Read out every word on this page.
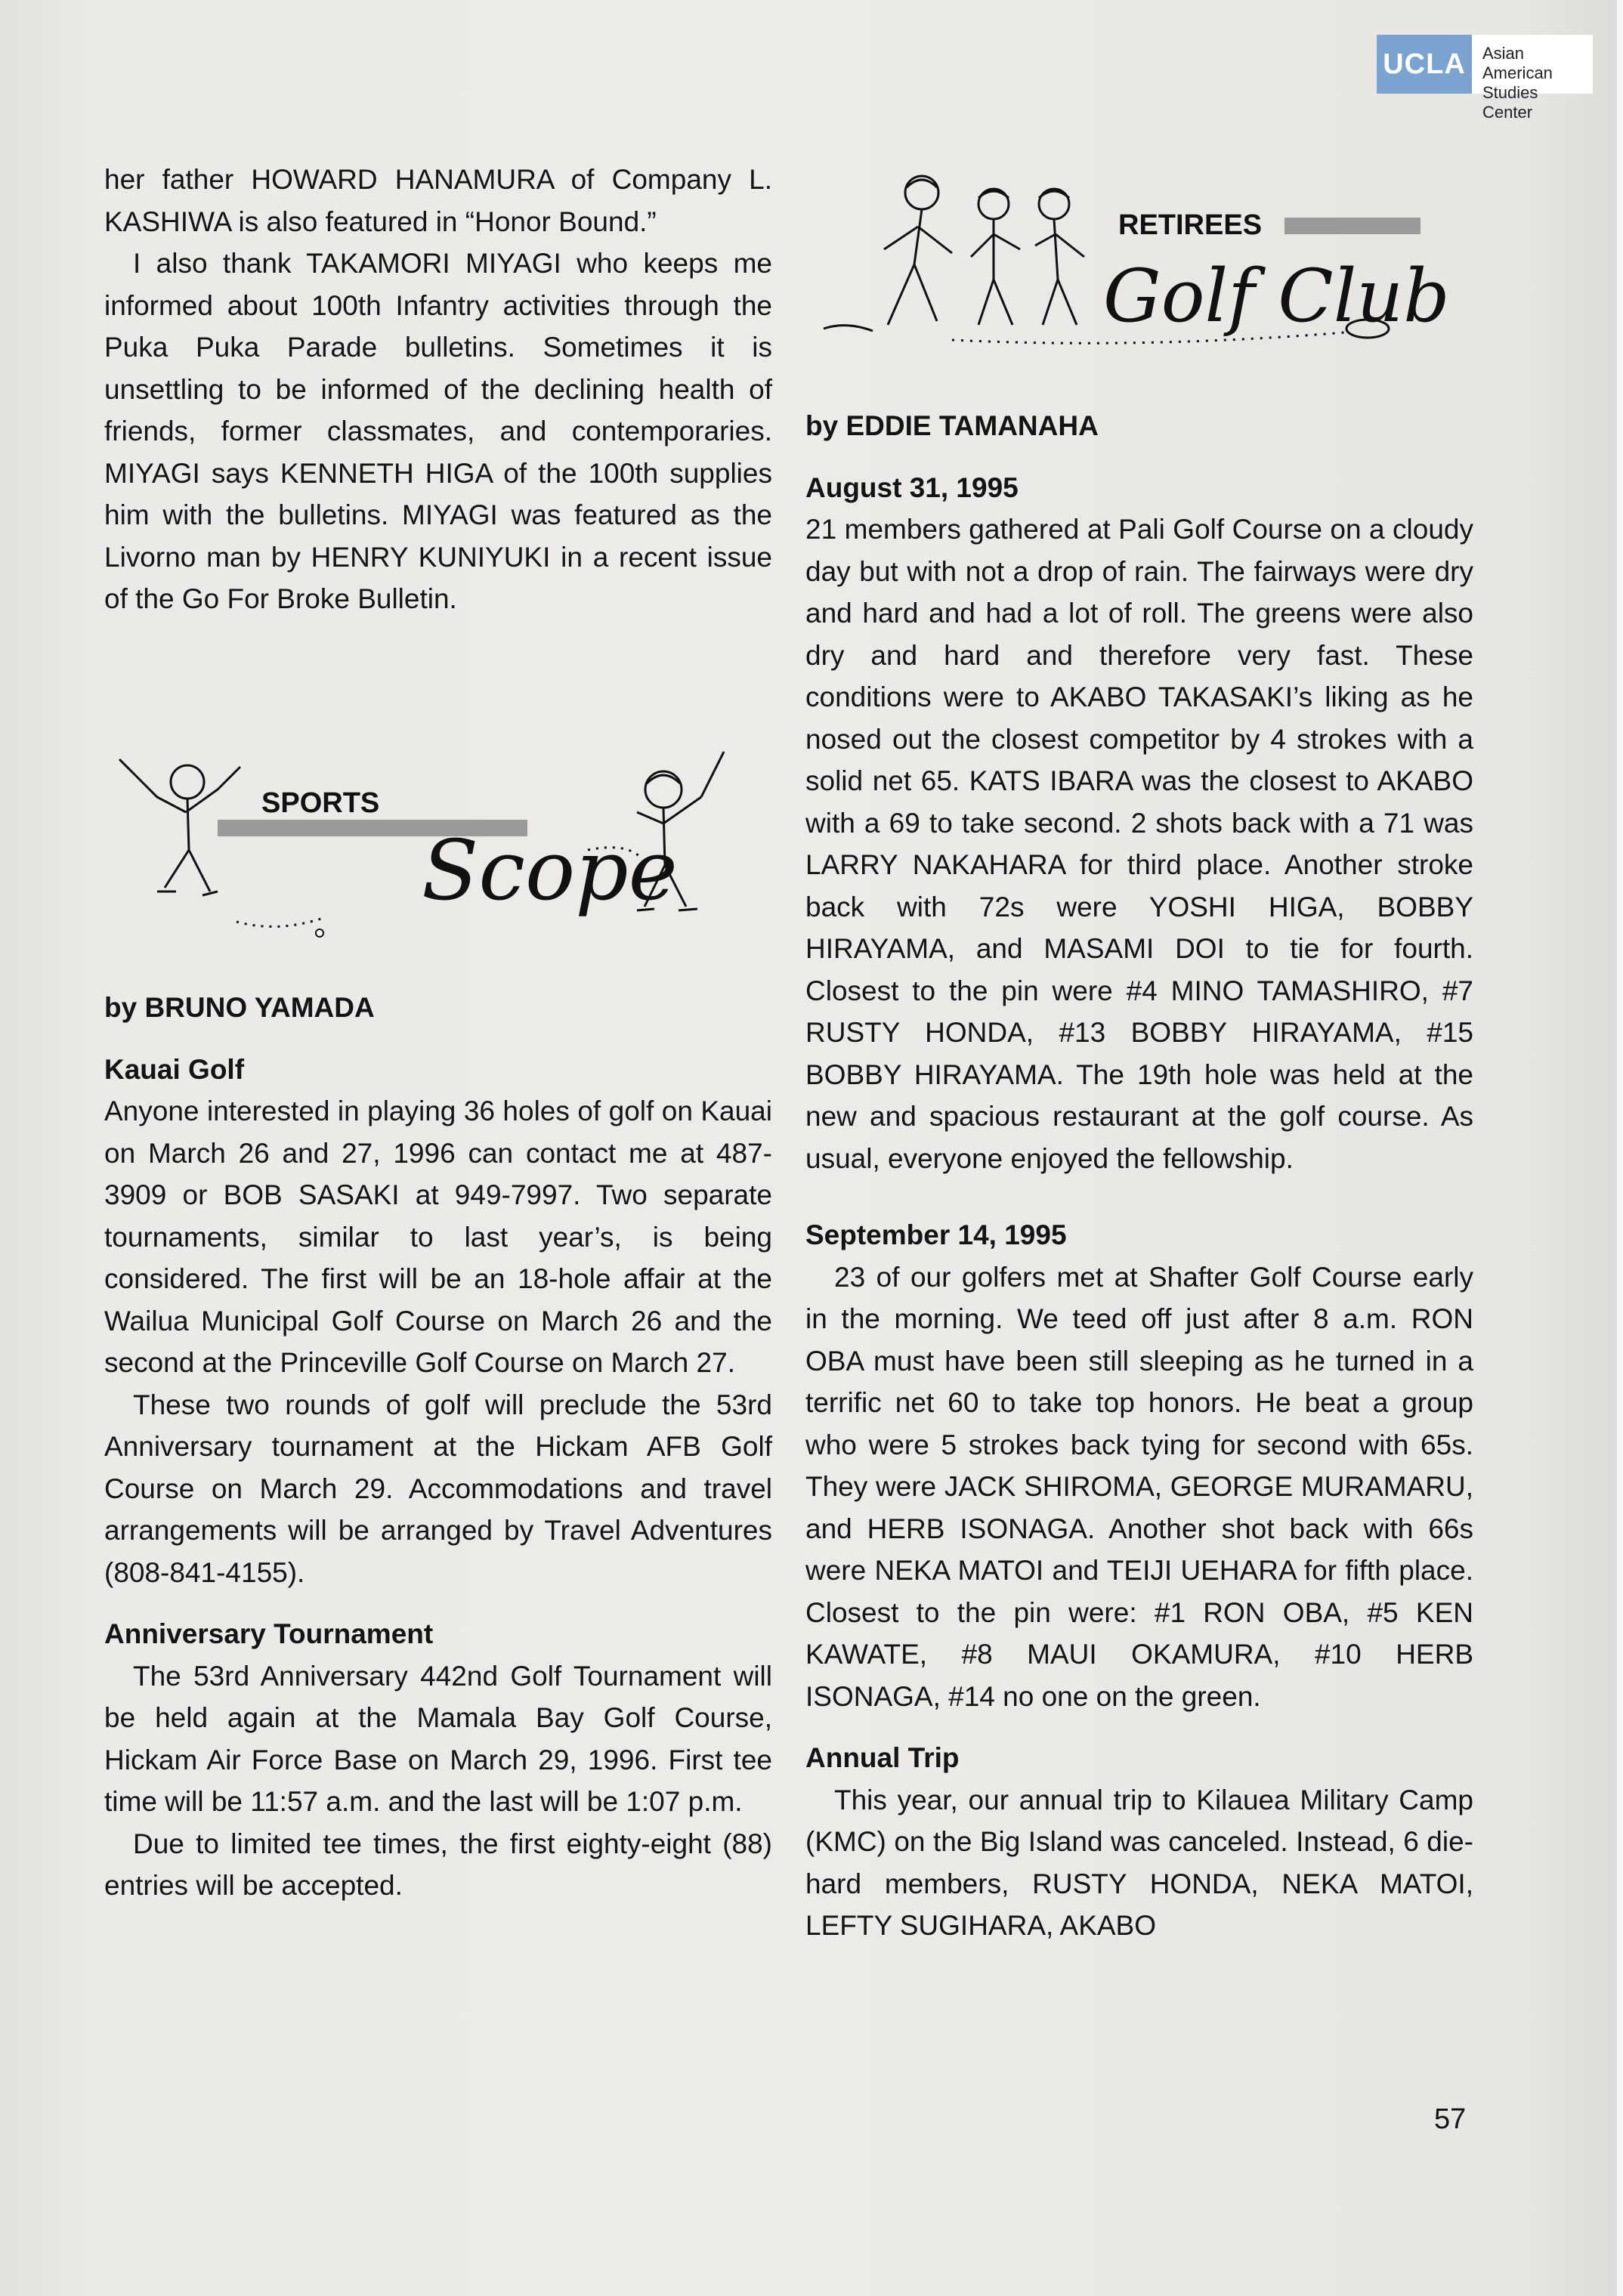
UCLA	Asian American
Studies Center

her father HOWARD HANAMURA of Company L. KASHIWA is also featured in “Honor Bound.”

I also thank TAKAMORI MIYAGI who keeps me informed about 100th Infantry activities through the Puka Puka Parade bulletins. Sometimes it is unsettling to be informed of the declining health of friends, former classmates, and contemporaries. MIYAGI says KENNETH HIGA of the 100th supplies him with the bulletins. MIYAGI was featured as the Livorno man by HENRY KUNIYUKI in a recent issue of the Go For Broke Bulletin.

SPORTS
Scope

by BRUNO YAMADA

Kauai Golf

Anyone interested in playing 36 holes of golf on Kauai on March 26 and 27, 1996 can contact me at 487-3909 or BOB SASAKI at 949-7997. Two separate tournaments, similar to last year’s, is being considered. The first will be an 18-hole affair at the Wailua Municipal Golf Course on March 26 and the second at the Princeville Golf Course on March 27.

These two rounds of golf will preclude the 53rd Anniversary tournament at the Hickam AFB Golf Course on March 29. Accommodations and travel arrangements will be arranged by Travel Adventures (808-841-4155).

Anniversary Tournament

The 53rd Anniversary 442nd Golf Tournament will be held again at the Mamala Bay Golf Course, Hickam Air Force Base on March 29, 1996. First tee time will be 11:57 a.m. and the last will be 1:07 p.m.

Due to limited tee times, the first eighty-eight (88) entries will be accepted.

RETIREES
Golf Club

by EDDIE TAMANAHA

August 31, 1995

21 members gathered at Pali Golf Course on a cloudy day but with not a drop of rain. The fairways were dry and hard and had a lot of roll. The greens were also dry and hard and therefore very fast. These conditions were to AKABO TAKASAKI’s liking as he nosed out the closest competitor by 4 strokes with a solid net 65. KATS IBARA was the closest to AKABO with a 69 to take second. 2 shots back with a 71 was LARRY NAKAHARA for third place. Another stroke back with 72s were YOSHI HIGA, BOBBY HIRAYAMA, and MASAMI DOI to tie for fourth. Closest to the pin were #4 MINO TAMASHIRO, #7 RUSTY HONDA, #13 BOBBY HIRAYAMA, #15 BOBBY HIRAYAMA. The 19th hole was held at the new and spacious restaurant at the golf course. As usual, everyone enjoyed the fellowship.

September 14, 1995

23 of our golfers met at Shafter Golf Course early in the morning. We teed off just after 8 a.m. RON OBA must have been still sleeping as he turned in a terrific net 60 to take top honors. He beat a group who were 5 strokes back tying for second with 65s. They were JACK SHIROMA, GEORGE MURAMARU, and HERB ISONAGA. Another shot back with 66s were NEKA MATOI and TEIJI UEHARA for fifth place. Closest to the pin were: #1 RON OBA, #5 KEN KAWATE, #8 MAUI OKAMURA, #10 HERB ISONAGA, #14 no one on the green.

Annual Trip

This year, our annual trip to Kilauea Military Camp (KMC) on the Big Island was canceled. Instead, 6 die-hard members, RUSTY HONDA, NEKA MATOI, LEFTY SUGIHARA, AKABO

57
